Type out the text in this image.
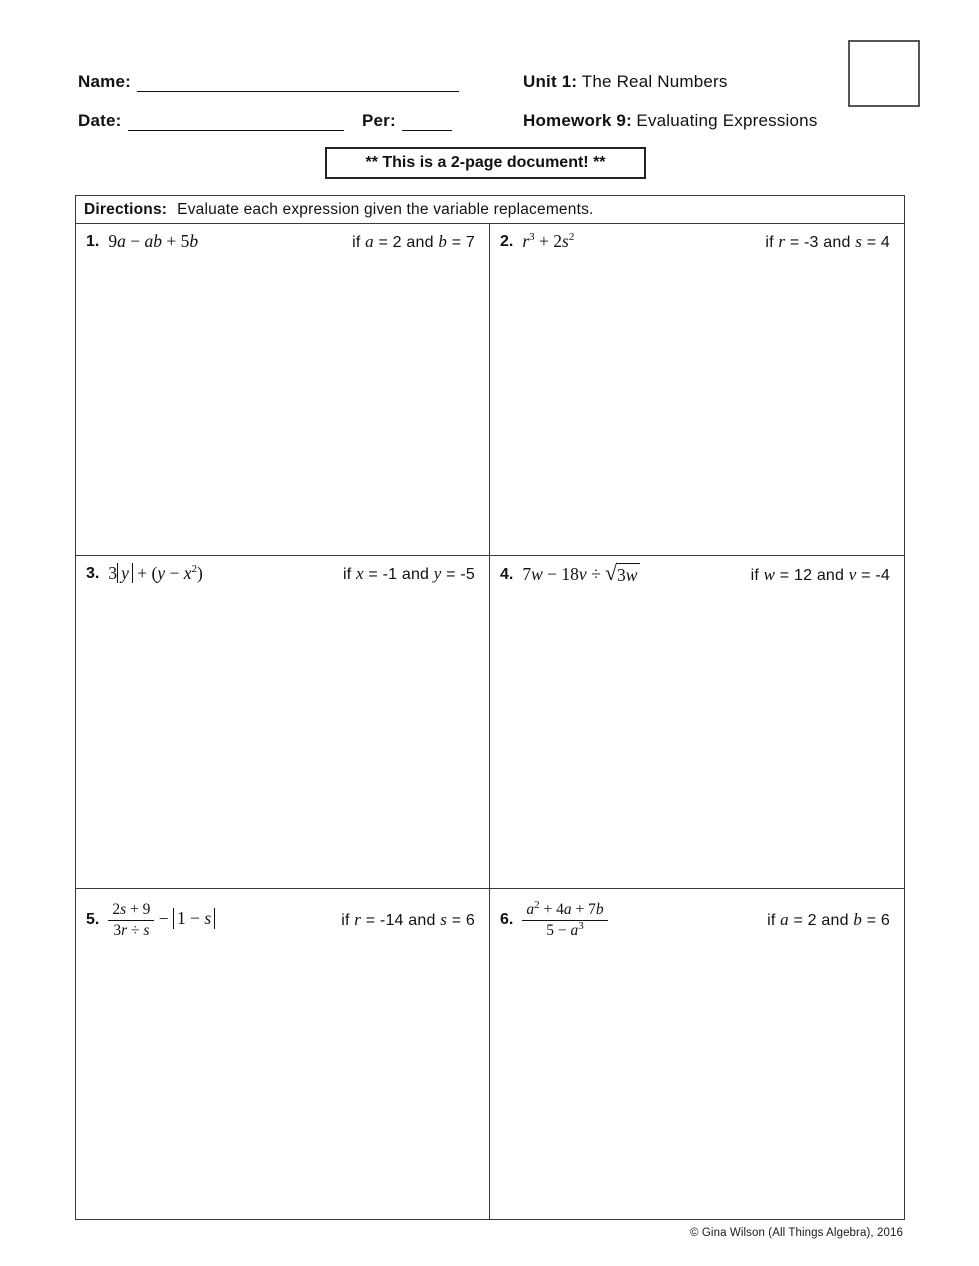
Name:
Date:	Per:
Unit 1: The Real Numbers
Homework 9: Evaluating Expressions
** This is a 2-page document! **
Directions: Evaluate each expression given the variable replacements.
1. 9a − ab + 5b	if a = 2 and b = 7 2. $r^3 + 2s^2$	if r = -3 and s = 4
3. 3 $y + (y - x^2)$	if x = -1 and y = -5 4. 7w − 18v ÷ √ 3w	if w = 12 and v = -4
5. $\frac{2s + 9}{3r \div s} - 1 - s$	if r = -14 and s = 6 6. $\frac{a^2 + 4a + 7b}{5 - a^3}$	if a = 2 and b = 6
© Gina Wilson (All Things Algebra), 2016
